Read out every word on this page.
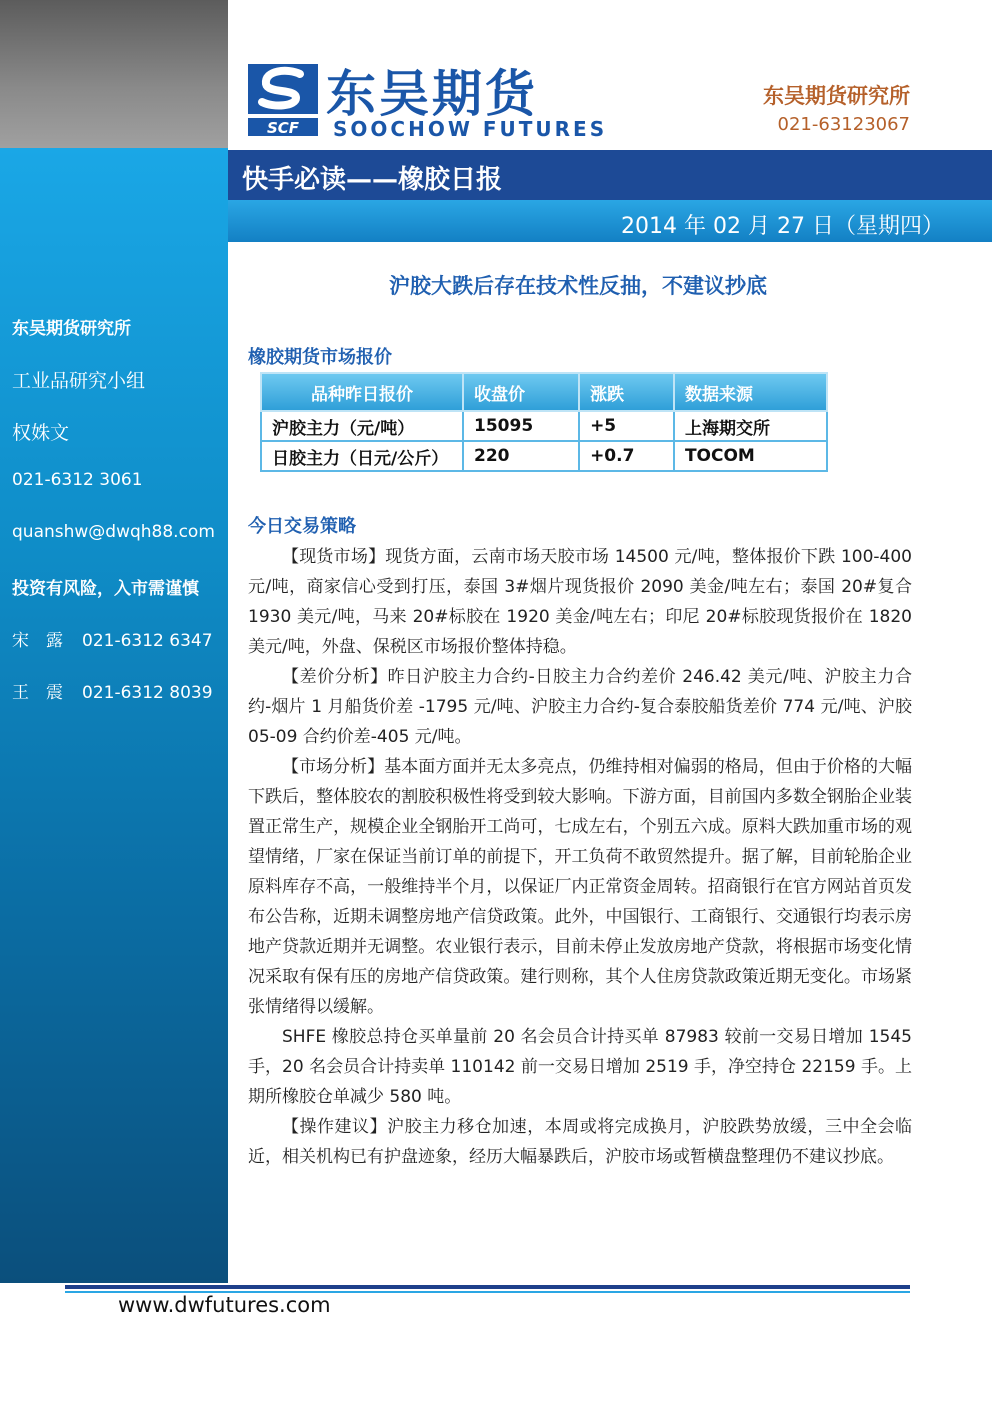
东吴期货研究所
工业品研究小组
权姝文
021-6312 3061
quanshw@dwqh88.com
投资有风险，入市需谨慎
宋　露 021-6312 6347
王　震 021-6312 8039
SCF
东吴期货
SOOCHOW FUTURES
东吴期货研究所
021-63123067
快手必读——橡胶日报
2014 年 02 月 27 日（星期四）
沪胶大跌后存在技术性反抽，不建议抄底
橡胶期货市场报价
品种昨日报价	收盘价	涨跌	数据来源
沪胶主力（元/吨）	15095	+5	上海期交所
日胶主力（日元/公斤）	220	+0.7	TOCOM
今日交易策略

【现货市场】现货方面，云南市场天胶市场 14500 元/吨，整体报价下跌 100-400 元/吨，商家信心受到打压，泰国 3#烟片现货报价 2090 美金/吨左右；泰国 20#复合 1930 美元/吨，马来 20#标胶在 1920 美金/吨左右；印尼 20#标胶现货报价在 1820 美元/吨，外盘、保税区市场报价整体持稳。

【差价分析】昨日沪胶主力合约-日胶主力合约差价 246.42 美元/吨、沪胶主力合约-烟片 1 月船货价差 -1795 元/吨、沪胶主力合约-复合泰胶船货差价 774 元/吨、沪胶 05-09 合约价差-405 元/吨。

【市场分析】基本面方面并无太多亮点，仍维持相对偏弱的格局，但由于价格的大幅下跌后，整体胶农的割胶积极性将受到较大影响。下游方面，目前国内多数全钢胎企业装置正常生产，规模企业全钢胎开工尚可，七成左右，个别五六成。原料大跌加重市场的观望情绪，厂家在保证当前订单的前提下，开工负荷不敢贸然提升。据了解，目前轮胎企业原料库存不高，一般维持半个月，以保证厂内正常资金周转。招商银行在官方网站首页发布公告称，近期未调整房地产信贷政策。此外，中国银行、工商银行、交通银行均表示房地产贷款近期并无调整。农业银行表示，目前未停止发放房地产贷款，将根据市场变化情况采取有保有压的房地产信贷政策。建行则称，其个人住房贷款政策近期无变化。市场紧张情绪得以缓解。

SHFE 橡胶总持仓买单量前 20 名会员合计持买单 87983 较前一交易日增加 1545 手，20 名会员合计持卖单 110142 前一交易日增加 2519 手，净空持仓 22159 手。上期所橡胶仓单减少 580 吨。

【操作建议】沪胶主力移仓加速，本周或将完成换月，沪胶跌势放缓，三中全会临近，相关机构已有护盘迹象，经历大幅暴跌后，沪胶市场或暂横盘整理仍不建议抄底。

www.dwfutures.com
